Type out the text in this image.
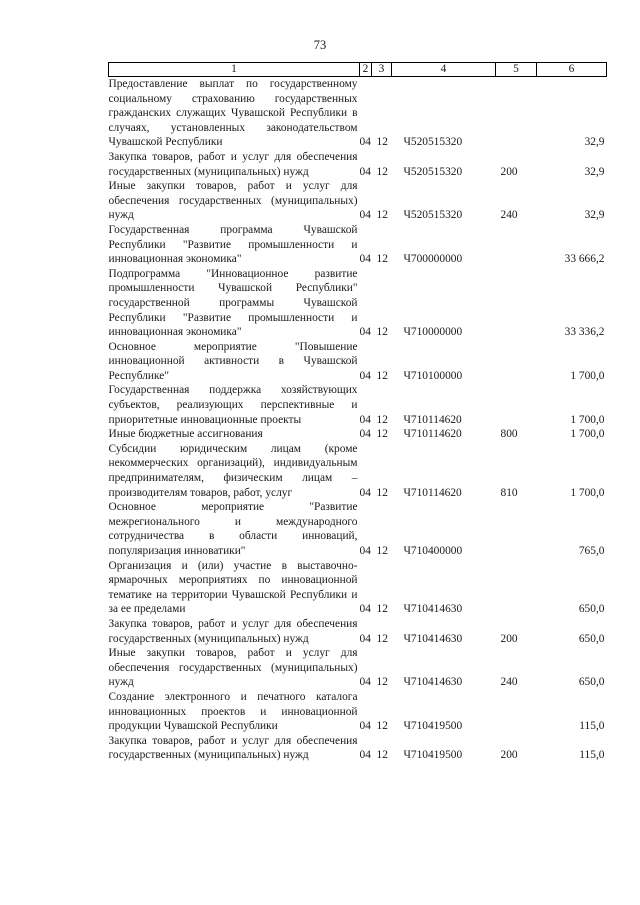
73
1	2	3	4	5	6
Предоставление выплат по государственному социальному страхованию государственных гражданских служащих Чувашской Республики в случаях, установленных законодательством Чувашской Республики	04	12	Ч520515320		32,9
Закупка товаров, работ и услуг для обеспечения государственных (муниципальных) нужд	04	12	Ч520515320	200	32,9
Иные закупки товаров, работ и услуг для обеспечения государственных (муниципальных) нужд	04	12	Ч520515320	240	32,9
Государственная программа Чувашской Республики "Развитие промышленности и инновационная экономика"	04	12	Ч700000000		33 666,2
Подпрограмма "Инновационное развитие промышленности Чувашской Республики" государственной программы Чувашской Республики "Развитие промышленности и инновационная экономика"	04	12	Ч710000000		33 336,2
Основное мероприятие "Повышение инновационной активности в Чувашской Республике"	04	12	Ч710100000		1 700,0
Государственная поддержка хозяйствующих субъектов, реализующих перспективные и приоритетные инновационные проекты	04	12	Ч710114620		1 700,0
Иные бюджетные ассигнования	04	12	Ч710114620	800	1 700,0
Субсидии юридическим лицам (кроме некоммерческих организаций), индивидуальным предпринимателям, физическим лицам – производителям товаров, работ, услуг	04	12	Ч710114620	810	1 700,0
Основное мероприятие "Развитие межрегионального и международного сотрудничества в области инноваций, популяризация инноватики"	04	12	Ч710400000		765,0
Организация и (или) участие в выставочно-ярмарочных мероприятиях по инновационной тематике на территории Чувашской Республики и за ее пределами	04	12	Ч710414630		650,0
Закупка товаров, работ и услуг для обеспечения государственных (муниципальных) нужд	04	12	Ч710414630	200	650,0
Иные закупки товаров, работ и услуг для обеспечения государственных (муниципальных) нужд	04	12	Ч710414630	240	650,0
Создание электронного и печатного каталога инновационных проектов и инновационной продукции Чувашской Республики	04	12	Ч710419500		115,0
Закупка товаров, работ и услуг для обеспечения государственных (муниципальных) нужд	04	12	Ч710419500	200	115,0
